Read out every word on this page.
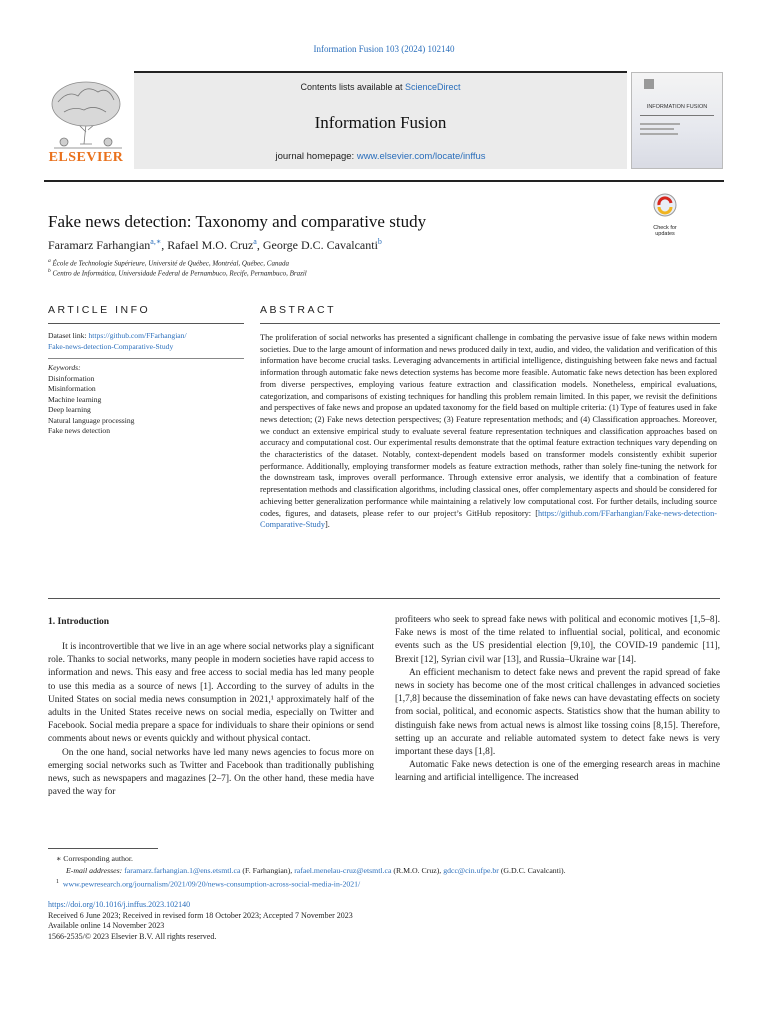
Information Fusion 103 (2024) 102140
ELSEVIER
Contents lists available at ScienceDirect
Information Fusion
journal homepage: www.elsevier.com/locate/inffus
INFORMATION FUSION
Check for updates
Fake news detection: Taxonomy and comparative study
Faramarz Farhangian$^{a,∗}$, Rafael M.O. Cruz$^a$, George D.C. Cavalcanti$^b$
$^a$ École de Technologie Supérieure, Université de Québec, Montréal, Québec, Canada
$^b$ Centro de Informática, Universidade Federal de Pernambuco, Recife, Pernambuco, Brazil
ARTICLE INFO
Dataset link: https://github.com/FFarhangian/
Fake-news-detection-Comparative-Study
Keywords:
Disinformation
Misinformation
Machine learning
Deep learning
Natural language processing
Fake news detection
ABSTRACT
The proliferation of social networks has presented a significant challenge in combating the pervasive issue of fake news within modern societies. Due to the large amount of information and news produced daily in text, audio, and video, the validation and verification of this information have become crucial tasks. Leveraging advancements in artificial intelligence, distinguishing between fake news and factual information through automatic fake news detection systems has become more feasible. Automatic fake news detection has been explored from diverse perspectives, employing various feature extraction and classification models. Nonetheless, empirical evaluations, categorization, and comparisons of existing techniques for handling this problem remain limited. In this paper, we revisit the definitions and perspectives of fake news and propose an updated taxonomy for the field based on multiple criteria: (1) Type of features used in fake news detection; (2) Fake news detection perspectives; (3) Feature representation methods; and (4) Classification approaches. Moreover, we conduct an extensive empirical study to evaluate several feature representation techniques and classification approaches based on accuracy and computational cost. Our experimental results demonstrate that the optimal feature extraction techniques vary depending on the characteristics of the dataset. Notably, context-dependent models based on transformer models consistently exhibit superior performance. Additionally, employing transformer models as feature extraction methods, rather than solely fine-tuning the network for the downstream task, improves overall performance. Through extensive error analysis, we identify that a combination of feature representation methods and classification algorithms, including classical ones, offer complementary aspects and should be considered for achieving better generalization performance while maintaining a relatively low computational cost. For further details, including source codes, figures, and datasets, please refer to our project’s GitHub repository: [https://github.com/FFarhangian/Fake-news-detection-Comparative-Study].
1. Introduction

It is incontrovertible that we live in an age where social networks play a significant role. Thanks to social networks, many people in modern societies have rapid access to information and news. This easy and free access to social media has led many people to use this media as a source of news [1]. According to the survey of adults in the United States on social media news consumption in 2021,¹ approximately half of the adults in the United States receive news on social media, especially on Twitter and Facebook. Social media prepare a space for individuals to share their opinions or send comments about news or events quickly and without physical contact.

On the one hand, social networks have led many news agencies to focus more on emerging social networks such as Twitter and Facebook than traditionally publishing news, such as newspapers and magazines [2–7]. On the other hand, these media have paved the way for

profiteers who seek to spread fake news with political and economic motives [1,5–8]. Fake news is most of the time related to influential social, political, and economic events such as the US presidential election [9,10], the COVID-19 pandemic [11], Brexit [12], Syrian civil war [13], and Russia–Ukraine war [14].

An efficient mechanism to detect fake news and prevent the rapid spread of fake news in society has become one of the most critical challenges in advanced societies [1,7,8] because the dissemination of fake news can have devastating effects on society from social, political, and economic aspects. Statistics show that the human ability to distinguish fake news from actual news is almost like tossing coins [8,15]. Therefore, setting up an accurate and reliable automated system to detect fake news is very important these days [1,8].

Automatic Fake news detection is one of the emerging research areas in machine learning and artificial intelligence. The increased

∗ Corresponding author.
E-mail addresses: faramarz.farhangian.1@ens.etsmtl.ca (F. Farhangian), rafael.menelau-cruz@etsmtl.ca (R.M.O. Cruz), gdcc@cin.ufpe.br (G.D.C. Cavalcanti).
$^1$ www.pewresearch.org/journalism/2021/09/20/news-consumption-across-social-media-in-2021/
https://doi.org/10.1016/j.inffus.2023.102140
Received 6 June 2023; Received in revised form 18 October 2023; Accepted 7 November 2023
Available online 14 November 2023
1566-2535/© 2023 Elsevier B.V. All rights reserved.
